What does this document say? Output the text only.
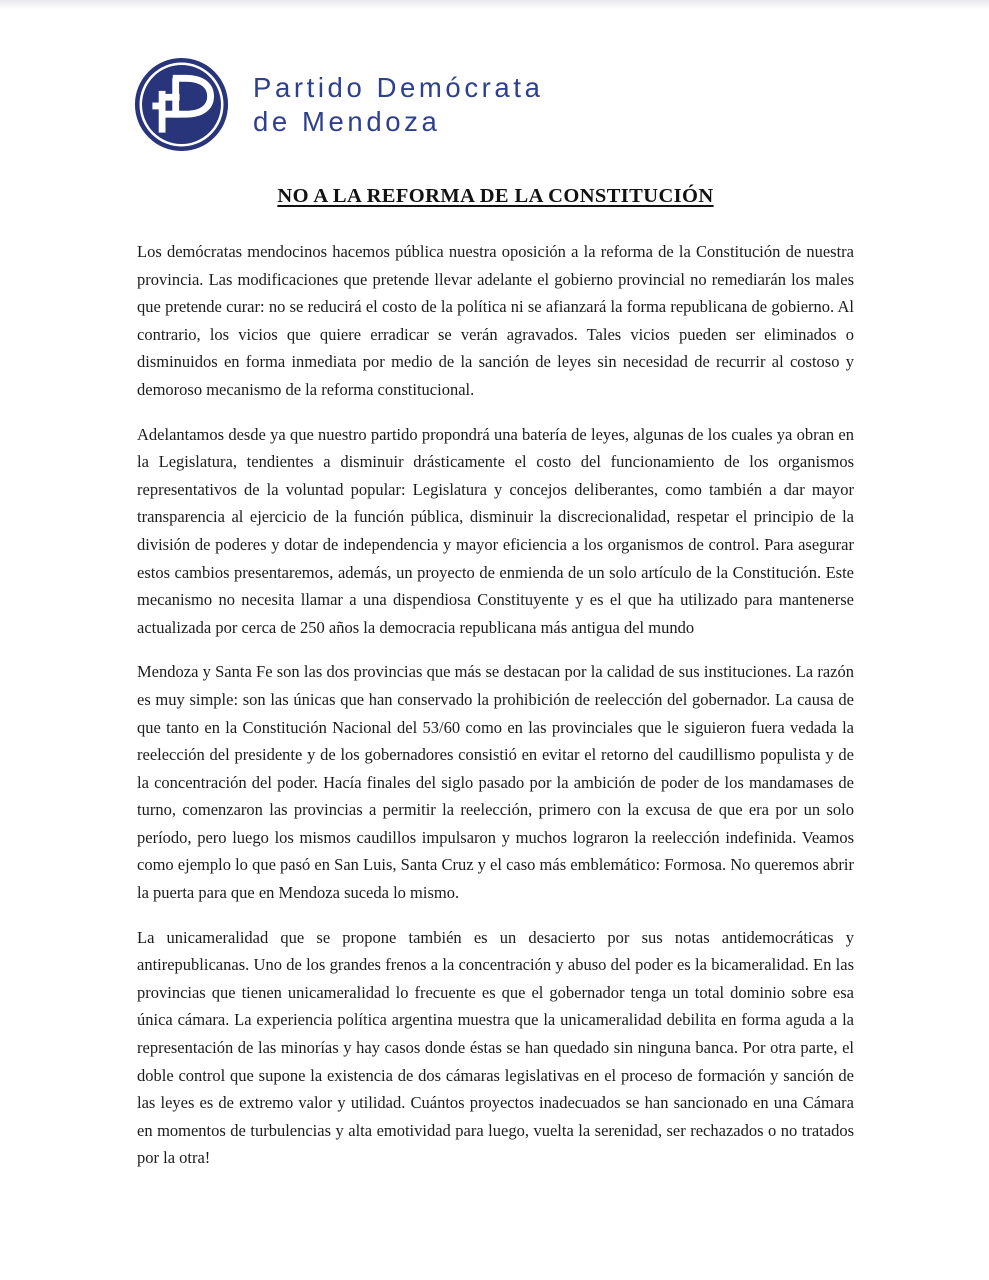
Partido Demócrata
de Mendoza
NO A LA REFORMA DE LA CONSTITUCIÓN

Los demócratas mendocinos hacemos pública nuestra oposición a la reforma de la Constitución de nuestra provincia. Las modificaciones que pretende llevar adelante el gobierno provincial no remediarán los males que pretende curar: no se reducirá el costo de la política ni se afianzará la forma republicana de gobierno. Al contrario, los vicios que quiere erradicar se verán agravados. Tales vicios pueden ser eliminados o disminuidos en forma inmediata por medio de la sanción de leyes sin necesidad de recurrir al costoso y demoroso mecanismo de la reforma constitucional.

Adelantamos desde ya que nuestro partido propondrá una batería de leyes, algunas de los cuales ya obran en la Legislatura, tendientes a disminuir drásticamente el costo del funcionamiento de los organismos representativos de la voluntad popular: Legislatura y concejos deliberantes, como también a dar mayor transparencia al ejercicio de la función pública, disminuir la discrecionalidad, respetar el principio de la división de poderes y dotar de independencia y mayor eficiencia a los organismos de control. Para asegurar estos cambios presentaremos, además, un proyecto de enmienda de un solo artículo de la Constitución. Este mecanismo no necesita llamar a una dispendiosa Constituyente y es el que ha utilizado para mantenerse actualizada por cerca de 250 años la democracia republicana más antigua del mundo

Mendoza y Santa Fe son las dos provincias que más se destacan por la calidad de sus instituciones. La razón es muy simple: son las únicas que han conservado la prohibición de reelección del gobernador. La causa de que tanto en la Constitución Nacional del 53/60 como en las provinciales que le siguieron fuera vedada la reelección del presidente y de los gobernadores consistió en evitar el retorno del caudillismo populista y de la concentración del poder. Hacía finales del siglo pasado por la ambición de poder de los mandamases de turno, comenzaron las provincias a permitir la reelección, primero con la excusa de que era por un solo período, pero luego los mismos caudillos impulsaron y muchos lograron la reelección indefinida. Veamos como ejemplo lo que pasó en San Luis, Santa Cruz y el caso más emblemático: Formosa. No queremos abrir la puerta para que en Mendoza suceda lo mismo.

La unicameralidad que se propone también es un desacierto por sus notas antidemocráticas y antirepublicanas. Uno de los grandes frenos a la concentración y abuso del poder es la bicameralidad. En las provincias que tienen unicameralidad lo frecuente es que el gobernador tenga un total dominio sobre esa única cámara. La experiencia política argentina muestra que la unicameralidad debilita en forma aguda a la representación de las minorías y hay casos donde éstas se han quedado sin ninguna banca. Por otra parte, el doble control que supone la existencia de dos cámaras legislativas en el proceso de formación y sanción de las leyes es de extremo valor y utilidad. Cuántos proyectos inadecuados se han sancionado en una Cámara en momentos de turbulencias y alta emotividad para luego, vuelta la serenidad, ser rechazados o no tratados por la otra!
